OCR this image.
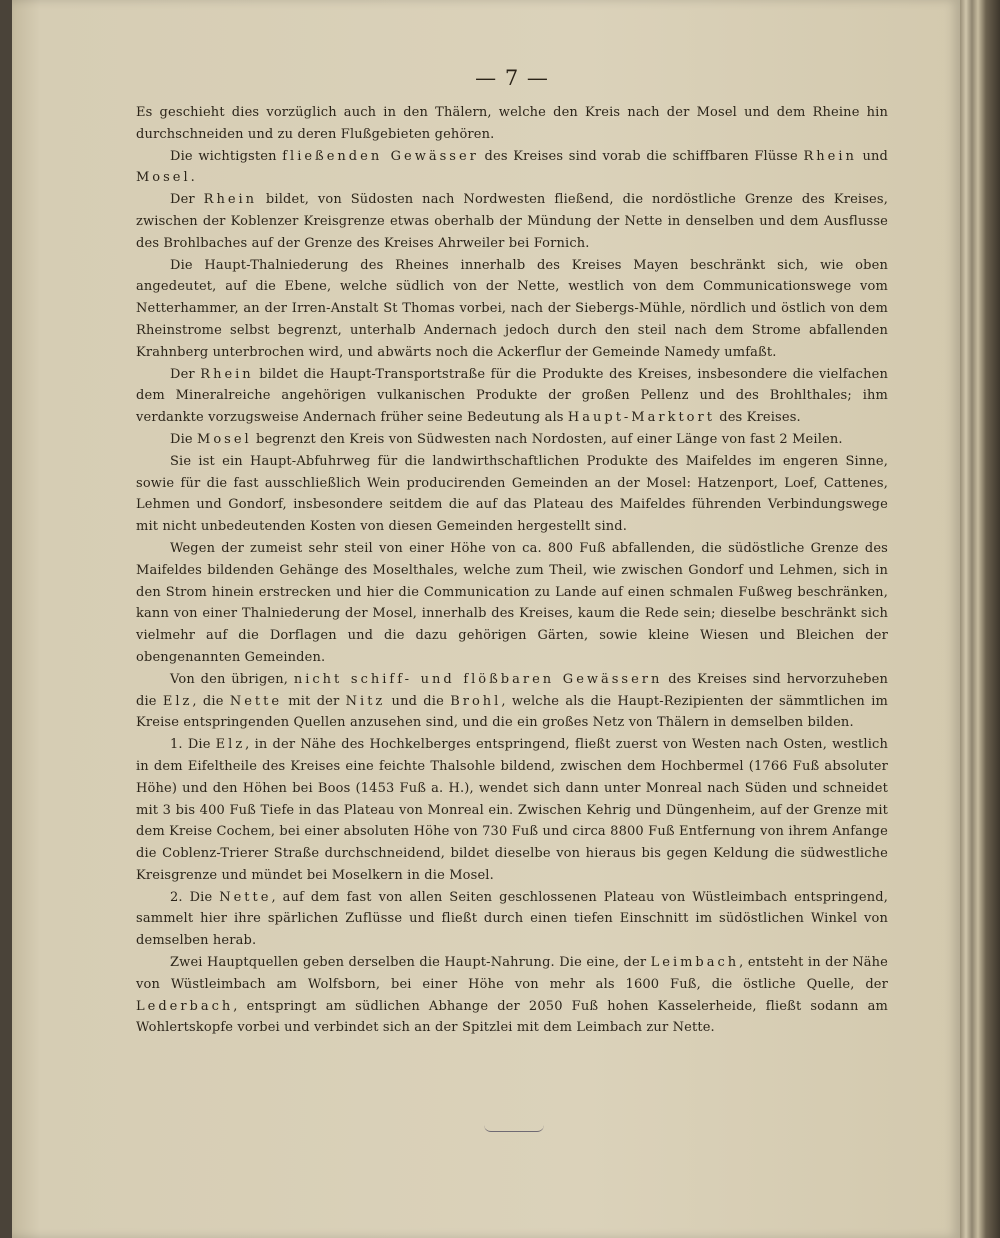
— 7 —

Es geschieht dies vorzüglich auch in den Thälern, welche den Kreis nach der Mosel und dem Rheine hin durchschneiden und zu deren Flußgebieten gehören.

Die wichtigsten fließenden Gewässer des Kreises sind vorab die schiffbaren Flüsse Rhein und Mosel.

Der Rhein bildet, von Südosten nach Nordwesten fließend, die nordöstliche Grenze des Kreises, zwischen der Koblenzer Kreisgrenze etwas oberhalb der Mündung der Nette in denselben und dem Ausflusse des Brohlbaches auf der Grenze des Kreises Ahrweiler bei Fornich.

Die Haupt-Thalniederung des Rheines innerhalb des Kreises Mayen beschränkt sich, wie oben angedeutet, auf die Ebene, welche südlich von der Nette, westlich von dem Communicationswege vom Netterhammer, an der Irren-Anstalt St Thomas vorbei, nach der Siebergs-Mühle, nördlich und östlich von dem Rheinstrome selbst begrenzt, unterhalb Andernach jedoch durch den steil nach dem Strome abfallenden Krahnberg unterbrochen wird, und abwärts noch die Ackerflur der Gemeinde Namedy umfaßt.

Der Rhein bildet die Haupt-Transportstraße für die Produkte des Kreises, insbesondere die vielfachen dem Mineralreiche angehörigen vulkanischen Produkte der großen Pellenz und des Brohlthales; ihm verdankte vorzugsweise Andernach früher seine Bedeutung als Haupt-Marktort des Kreises.

Die Mosel begrenzt den Kreis von Südwesten nach Nordosten, auf einer Länge von fast 2 Meilen.

Sie ist ein Haupt-Abfuhrweg für die landwirthschaftlichen Produkte des Maifeldes im engeren Sinne, sowie für die fast ausschließlich Wein producirenden Gemeinden an der Mosel: Hatzenport, Loef, Cattenes, Lehmen und Gondorf, insbesondere seitdem die auf das Plateau des Maifeldes führenden Verbindungswege mit nicht unbedeutenden Kosten von diesen Gemeinden hergestellt sind.

Wegen der zumeist sehr steil von einer Höhe von ca. 800 Fuß abfallenden, die südöstliche Grenze des Maifeldes bildenden Gehänge des Moselthales, welche zum Theil, wie zwischen Gondorf und Lehmen, sich in den Strom hinein erstrecken und hier die Communication zu Lande auf einen schmalen Fußweg beschränken, kann von einer Thalniederung der Mosel, innerhalb des Kreises, kaum die Rede sein; dieselbe beschränkt sich vielmehr auf die Dorflagen und die dazu gehörigen Gärten, sowie kleine Wiesen und Bleichen der obengenannten Gemeinden.

Von den übrigen, nicht schiff- und flößbaren Gewässern des Kreises sind hervorzuheben die Elz, die Nette mit der Nitz und die Brohl, welche als die Haupt-Rezipienten der sämmtlichen im Kreise entspringenden Quellen anzusehen sind, und die ein großes Netz von Thälern in demselben bilden.

1. Die Elz, in der Nähe des Hochkelberges entspringend, fließt zuerst von Westen nach Osten, westlich in dem Eifeltheile des Kreises eine feichte Thalsohle bildend, zwischen dem Hochbermel (1766 Fuß absoluter Höhe) und den Höhen bei Boos (1453 Fuß a. H.), wendet sich dann unter Monreal nach Süden und schneidet mit 3 bis 400 Fuß Tiefe in das Plateau von Monreal ein. Zwischen Kehrig und Düngenheim, auf der Grenze mit dem Kreise Cochem, bei einer absoluten Höhe von 730 Fuß und circa 8800 Fuß Entfernung von ihrem Anfange die Coblenz-Trierer Straße durchschneidend, bildet dieselbe von hieraus bis gegen Keldung die südwestliche Kreisgrenze und mündet bei Moselkern in die Mosel.

2. Die Nette, auf dem fast von allen Seiten geschlossenen Plateau von Wüstleimbach entspringend, sammelt hier ihre spärlichen Zuflüsse und fließt durch einen tiefen Einschnitt im südöstlichen Winkel von demselben herab.

Zwei Hauptquellen geben derselben die Haupt-Nahrung. Die eine, der Leimbach, entsteht in der Nähe von Wüstleimbach am Wolfsborn, bei einer Höhe von mehr als 1600 Fuß, die östliche Quelle, der Lederbach, entspringt am südlichen Abhange der 2050 Fuß hohen Kasselerheide, fließt sodann am Wohlertskopfe vorbei und verbindet sich an der Spitzlei mit dem Leimbach zur Nette.
